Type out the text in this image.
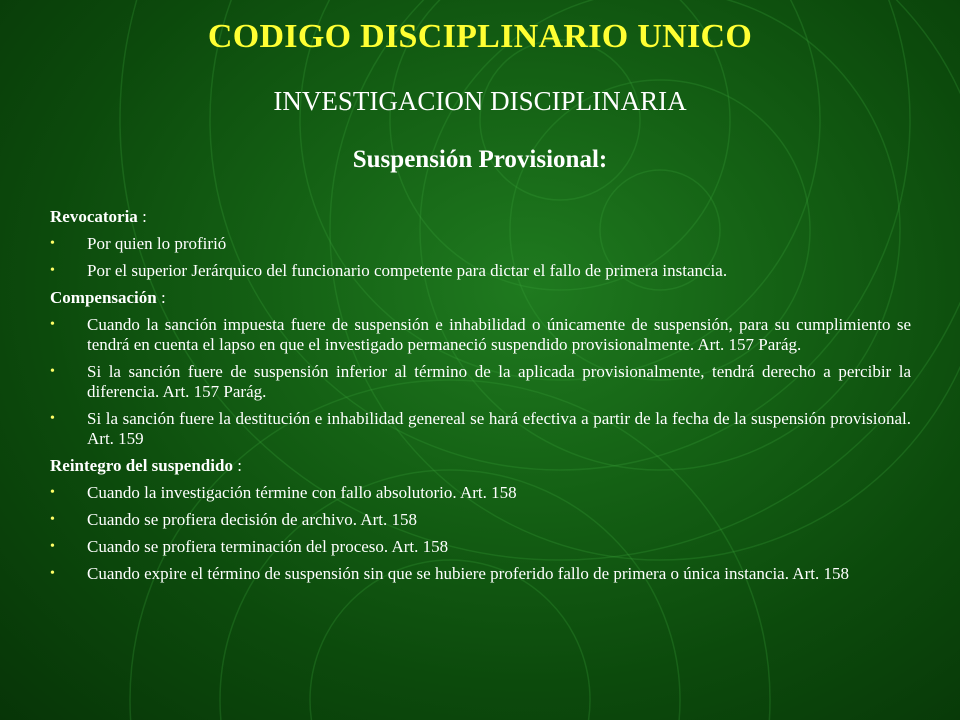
CODIGO DISCIPLINARIO UNICO
INVESTIGACION DISCIPLINARIA
Suspensión Provisional:
Revocatoria :
•	Por quien lo profirió
•	Por el superior Jerárquico del funcionario competente para dictar el fallo de primera instancia.
Compensación :
•	Cuando la sanción impuesta fuere de suspensión e inhabilidad o únicamente de suspensión, para su cumplimiento se tendrá en cuenta el lapso en que el investigado permaneció suspendido provisionalmente. Art. 157 Parág.
•	Si la sanción fuere de suspensión inferior al término de la aplicada provisionalmente, tendrá derecho a percibir la diferencia. Art. 157 Parág.
•	Si la sanción fuere la destitución e inhabilidad genereal se hará efectiva a partir de la fecha de la suspensión provisional. Art. 159
Reintegro del suspendido :
•	Cuando la investigación términe con fallo absolutorio. Art. 158
•	Cuando se profiera decisión de archivo. Art. 158
•	Cuando se profiera terminación del proceso. Art. 158
•	Cuando expire el término de suspensión sin que se hubiere proferido fallo de primera o única instancia. Art. 158
